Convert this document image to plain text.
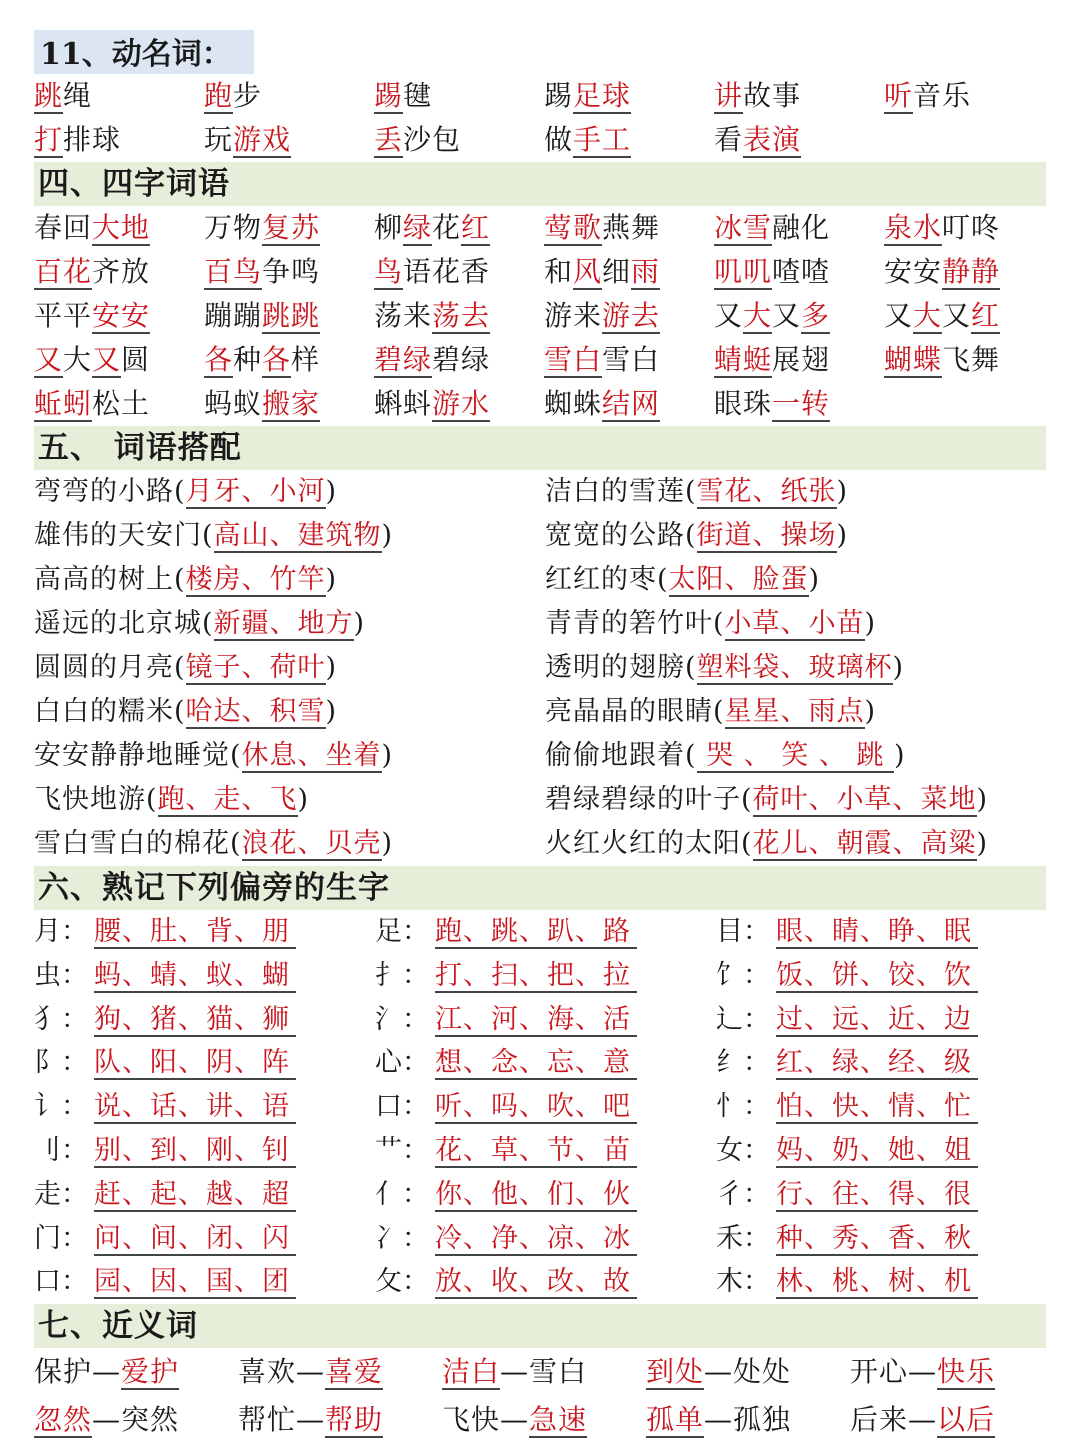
11、动名词：
跳绳	跑步	踢毽	踢足球	讲故事	听音乐
打排球	玩游戏	丢沙包	做手工	看表演
四、四字词语
春回大地	万物复苏	柳绿花红	莺歌燕舞	冰雪融化	泉水叮咚
百花齐放	百鸟争鸣	鸟语花香	和风细雨	叽叽喳喳	安安静静
平平安安	蹦蹦跳跳	荡来荡去	游来游去	又大又多	又大又红
又大又圆	各种各样	碧绿碧绿	雪白雪白	蜻蜓展翅	蝴蝶飞舞
蚯蚓松土	蚂蚁搬家	蝌蚪游水	蜘蛛结网	眼珠一转
五、 词语搭配
弯弯的小路(月牙、小河)	洁白的雪莲(雪花、纸张)
雄伟的天安门(高山、建筑物)	宽宽的公路(街道、操场)
高高的树上(楼房、竹竿)	红红的枣(太阳、脸蛋)
遥远的北京城(新疆、地方)	青青的箬竹叶(小草、小苗)
圆圆的月亮(镜子、荷叶)	透明的翅膀(塑料袋、玻璃杯)
白白的糯米(哈达、积雪)	亮晶晶的眼睛(星星、雨点)
安安静静地睡觉(休息、坐着)	偷偷地跟着( 哭 、 笑 、 跳 )
飞快地游(跑、走、飞)	碧绿碧绿的叶子(荷叶、小草、菜地)
雪白雪白的棉花(浪花、贝壳)	火红火红的太阳(花儿、朝霞、高粱)
六、熟记下列偏旁的生字
月： 腰、肚、背、朋	足： 跑、跳、趴、路	目： 眼、睛、睁、眠
虫： 蚂、蜻、蚁、蝴	扌： 打、扫、把、拉	饣： 饭、饼、饺、饮
犭： 狗、猪、猫、狮	氵： 江、河、海、活	辶： 过、远、近、边
阝： 队、阳、阴、阵	心： 想、念、忘、意	纟： 红、绿、经、级
讠： 说、话、讲、语	口： 听、吗、吹、吧	忄： 怕、快、情、忙
刂： 别、到、刚、钊	艹： 花、草、节、苗	女： 妈、奶、她、姐
走： 赶、起、越、超	亻： 你、他、们、伙	彳： 行、往、得、很
门： 问、间、闭、闪	冫： 冷、净、凉、冰	禾： 种、秀、香、秋
口： 园、因、国、团	攵： 放、收、改、故	木： 林、桃、树、机
七、近义词
保护—爱护	喜欢—喜爱	洁白—雪白	到处—处处	开心—快乐
忽然—突然	帮忙—帮助	飞快—急速	孤单—孤独	后来—以后
